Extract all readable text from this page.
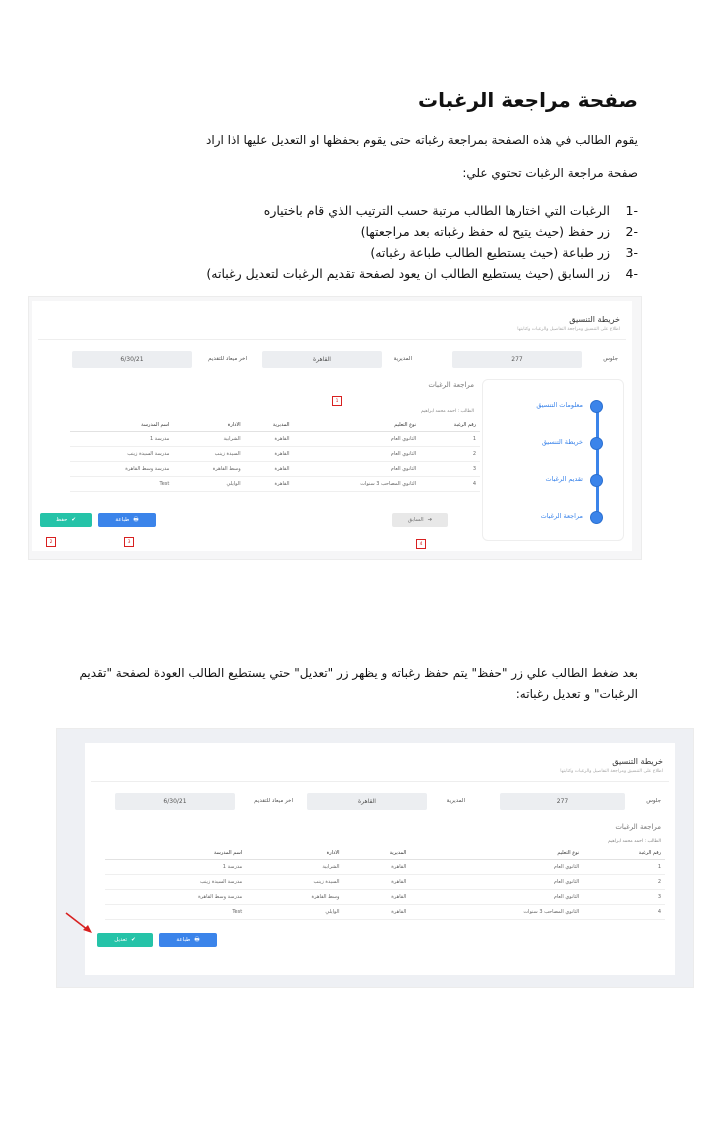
صفحة مراجعة الرغبات
يقوم الطالب في هذه الصفحة بمراجعة رغباته حتى يقوم بحفظها او التعديل عليها اذا اراد
صفحة مراجعة الرغبات تحتوي علي:
-1الرغبات التي اختارها الطالب مرتبة حسب الترتيب الذي قام باختياره
-2زر حفظ (حيث يتيح له حفظ رغباته بعد مراجعتها)
-3زر طباعة (حيث يستطيع الطالب طباعة رغباته)
-4زر السابق (حيث يستطيع الطالب ان يعود لصفحة تقديم الرغبات لتعديل رغباته)
خريطة التنسيق
اطلاع على التنسيق ومراجعة التفاصيل والرغبات وكتابتها
جلوس
277
المديرية
القاهرة
اخر ميعاد للتقديم
6/30/21
معلومات التنسيق
خريطة التنسيق
تقديم الرغبات
مراجعة الرغبات
مراجعة الرغبات
1
الطالب : احمد محمد ابراهيم
رقم الرغبة	نوع التعليم	المديرية	الادارة	اسم المدرسة
1	الثانوي العام	القاهرة	الشرابية	مدرسة 1
2	الثانوي العام	القاهرة	السيدة زينب	مدرسة السيدة زينب
3	الثانوي العام	القاهرة	وسط القاهرة	مدرسة وسط القاهرة
4	الثانوي المصاحب 3 سنوات	القاهرة	الوايلي	Test
حفظ ✔	طباعة 🖶	السابق ➔
2	3	4
بعد ضغط الطالب علي زر "حفظ" يتم حفظ رغباته و يظهر زر "تعديل" حتي يستطيع الطالب العودة لصفحة "تقديم الرغبات" و تعديل رغباته:
خريطة التنسيق
اطلاع على التنسيق ومراجعة التفاصيل والرغبات وكتابتها
جلوس
277
المديرية
القاهرة
اخر ميعاد للتقديم
6/30/21
مراجعة الرغبات
الطالب : احمد محمد ابراهيم
رقم الرغبة	نوع التعليم	المديرية	الادارة	اسم المدرسة
1	الثانوي العام	القاهرة	الشرابية	مدرسة 1
2	الثانوي العام	القاهرة	السيدة زينب	مدرسة السيدة زينب
3	الثانوي العام	القاهرة	وسط القاهرة	مدرسة وسط القاهرة
4	الثانوي المصاحب 3 سنوات	القاهرة	الوايلي	Test
تعديل ✔	طباعة 🖶
